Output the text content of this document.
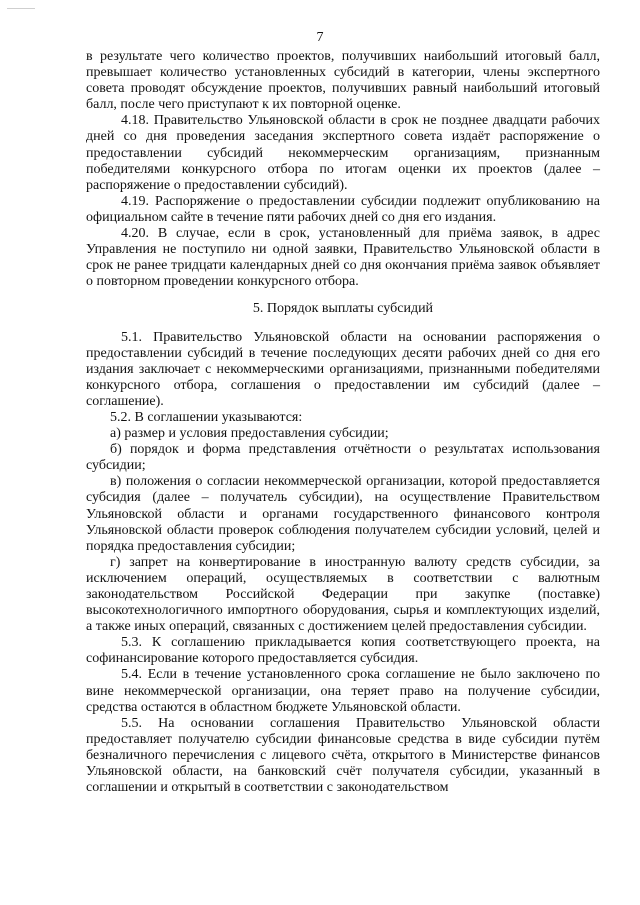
7

в результате чего количество проектов, получивших наибольший итоговый балл, превышает количество установленных субсидий в категории, члены экспертного совета проводят обсуждение проектов, получивших равный наибольший итоговый балл, после чего приступают к их повторной оценке.

4.18. Правительство Ульяновской области в срок не позднее двадцати рабочих дней со дня проведения заседания экспертного совета издаёт распоряжение о предоставлении субсидий некоммерческим организациям, признанным победителями конкурсного отбора по итогам оценки их проектов (далее – распоряжение о предоставлении субсидий).

4.19. Распоряжение о предоставлении субсидии подлежит опубликованию на официальном сайте в течение пяти рабочих дней со дня его издания.

4.20. В случае, если в срок, установленный для приёма заявок, в адрес Управления не поступило ни одной заявки, Правительство Ульяновской области в срок не ранее тридцати календарных дней со дня окончания приёма заявок объявляет о повторном проведении конкурсного отбора.

5. Порядок выплаты субсидий

5.1. Правительство Ульяновской области на основании распоряжения о предоставлении субсидий в течение последующих десяти рабочих дней со дня его издания заключает с некоммерческими организациями, признанными победителями конкурсного отбора, соглашения о предоставлении им субсидий (далее – соглашение).

5.2. В соглашении указываются:

а) размер и условия предоставления субсидии;

б) порядок и форма представления отчётности о результатах использования субсидии;

в) положения о согласии некоммерческой организации, которой предоставляется субсидия (далее – получатель субсидии), на осуществление Правительством Ульяновской области и органами государственного финансового контроля Ульяновской области проверок соблюдения получателем субсидии условий, целей и порядка предоставления субсидии;

г) запрет на конвертирование в иностранную валюту средств субсидии, за исключением операций, осуществляемых в соответствии с валютным законодательством Российской Федерации при закупке (поставке) высокотехнологичного импортного оборудования, сырья и комплектующих изделий, а также иных операций, связанных с достижением целей предоставления субсидии.

5.3. К соглашению прикладывается копия соответствующего проекта, на софинансирование которого предоставляется субсидия.

5.4. Если в течение установленного срока соглашение не было заключено по вине некоммерческой организации, она теряет право на получение субсидии, средства остаются в областном бюджете Ульяновской области.

5.5. На основании соглашения Правительство Ульяновской области предоставляет получателю субсидии финансовые средства в виде субсидии путём безналичного перечисления с лицевого счёта, открытого в Министерстве финансов Ульяновской области, на банковский счёт получателя субсидии, указанный в соглашении и открытый в соответствии с законодательством
